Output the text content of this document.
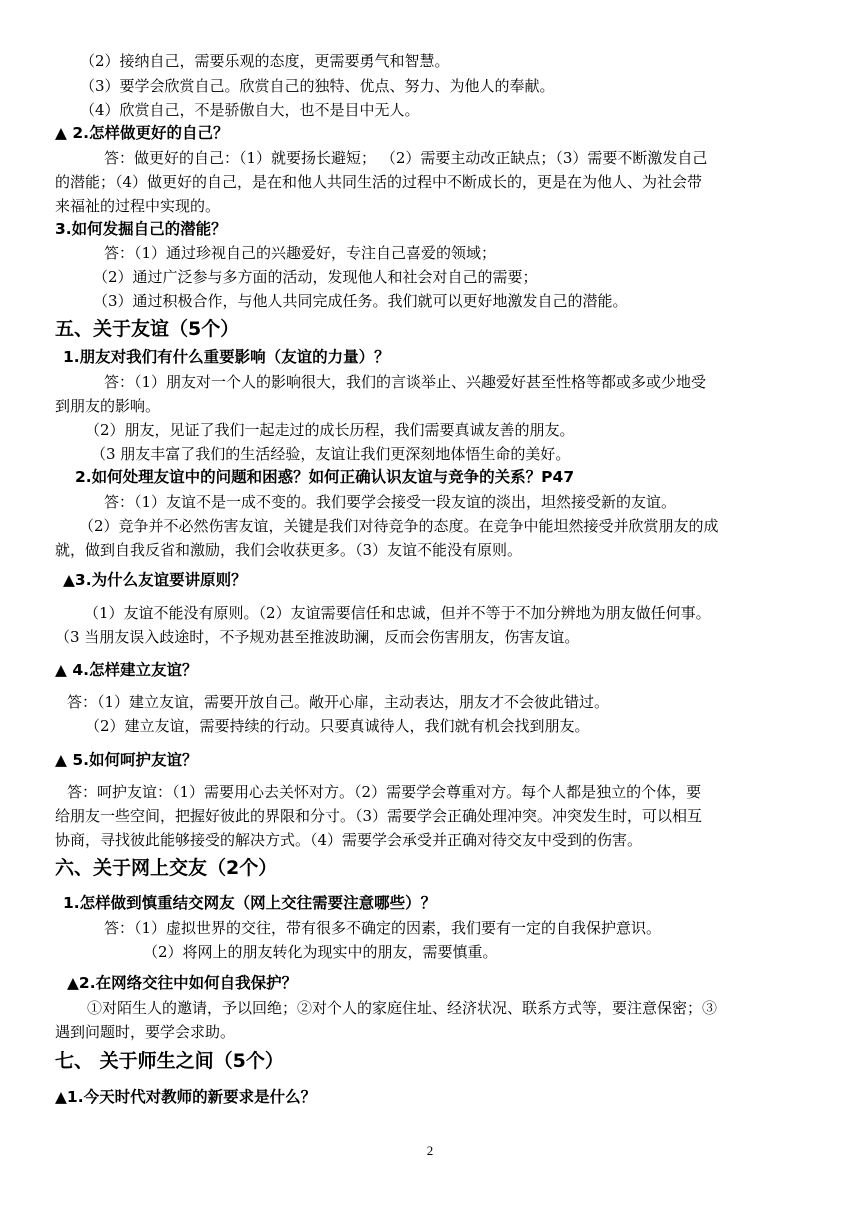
（2）接纳自己，需要乐观的态度，更需要勇气和智慧。
（3）要学会欣赏自己。欣赏自己的独特、优点、努力、为他人的奉献。
（4）欣赏自己，不是骄傲自大，也不是目中无人。
▲ 2.怎样做更好的自己？
答：做更好的自己：（1）就要扬长避短； （2）需要主动改正缺点；（3）需要不断激发自己
的潜能；（4）做更好的自己，是在和他人共同生活的过程中不断成长的，更是在为他人、为社会带
来福祉的过程中实现的。
3.如何发掘自己的潜能？
答：（1）通过珍视自己的兴趣爱好，专注自己喜爱的领域；
（2）通过广泛参与多方面的活动，发现他人和社会对自己的需要；
（3）通过积极合作，与他人共同完成任务。我们就可以更好地激发自己的潜能。
五、关于友谊（5个）
1.朋友对我们有什么重要影响（友谊的力量）？
答：（1）朋友对一个人的影响很大，我们的言谈举止、兴趣爱好甚至性格等都或多或少地受
到朋友的影响。
（2）朋友，见证了我们一起走过的成长历程，我们需要真诚友善的朋友。
（3 朋友丰富了我们的生活经验，友谊让我们更深刻地体悟生命的美好。
2.如何处理友谊中的问题和困惑？如何正确认识友谊与竞争的关系？P47
答：（1）友谊不是一成不变的。我们要学会接受一段友谊的淡出，坦然接受新的友谊。
（2）竞争并不必然伤害友谊，关键是我们对待竞争的态度。在竞争中能坦然接受并欣赏朋友的成
就，做到自我反省和激励，我们会收获更多。（3）友谊不能没有原则。
▲3.为什么友谊要讲原则？
（1）友谊不能没有原则。（2）友谊需要信任和忠诚，但并不等于不加分辨地为朋友做任何事。
（3 当朋友误入歧途时，不予规劝甚至推波助澜，反而会伤害朋友，伤害友谊。
▲ 4.怎样建立友谊？
答：（1）建立友谊，需要开放自己。敞开心扉，主动表达，朋友才不会彼此错过。
（2）建立友谊，需要持续的行动。只要真诚待人，我们就有机会找到朋友。
▲ 5.如何呵护友谊？
答：呵护友谊：（1）需要用心去关怀对方。（2）需要学会尊重对方。每个人都是独立的个体，要
给朋友一些空间，把握好彼此的界限和分寸。（3）需要学会正确处理冲突。冲突发生时，可以相互
协商，寻找彼此能够接受的解决方式。（4）需要学会承受并正确对待交友中受到的伤害。
六、关于网上交友（2个）
1.怎样做到慎重结交网友（网上交往需要注意哪些）？
答：（1）虚拟世界的交往，带有很多不确定的因素，我们要有一定的自我保护意识。
（2）将网上的朋友转化为现实中的朋友，需要慎重。
▲2.在网络交往中如何自我保护？
①对陌生人的邀请，予以回绝；②对个人的家庭住址、经济状况、联系方式等，要注意保密；③
遇到问题时，要学会求助。
七、 关于师生之间（5个）
▲1.今天时代对教师的新要求是什么？
2
